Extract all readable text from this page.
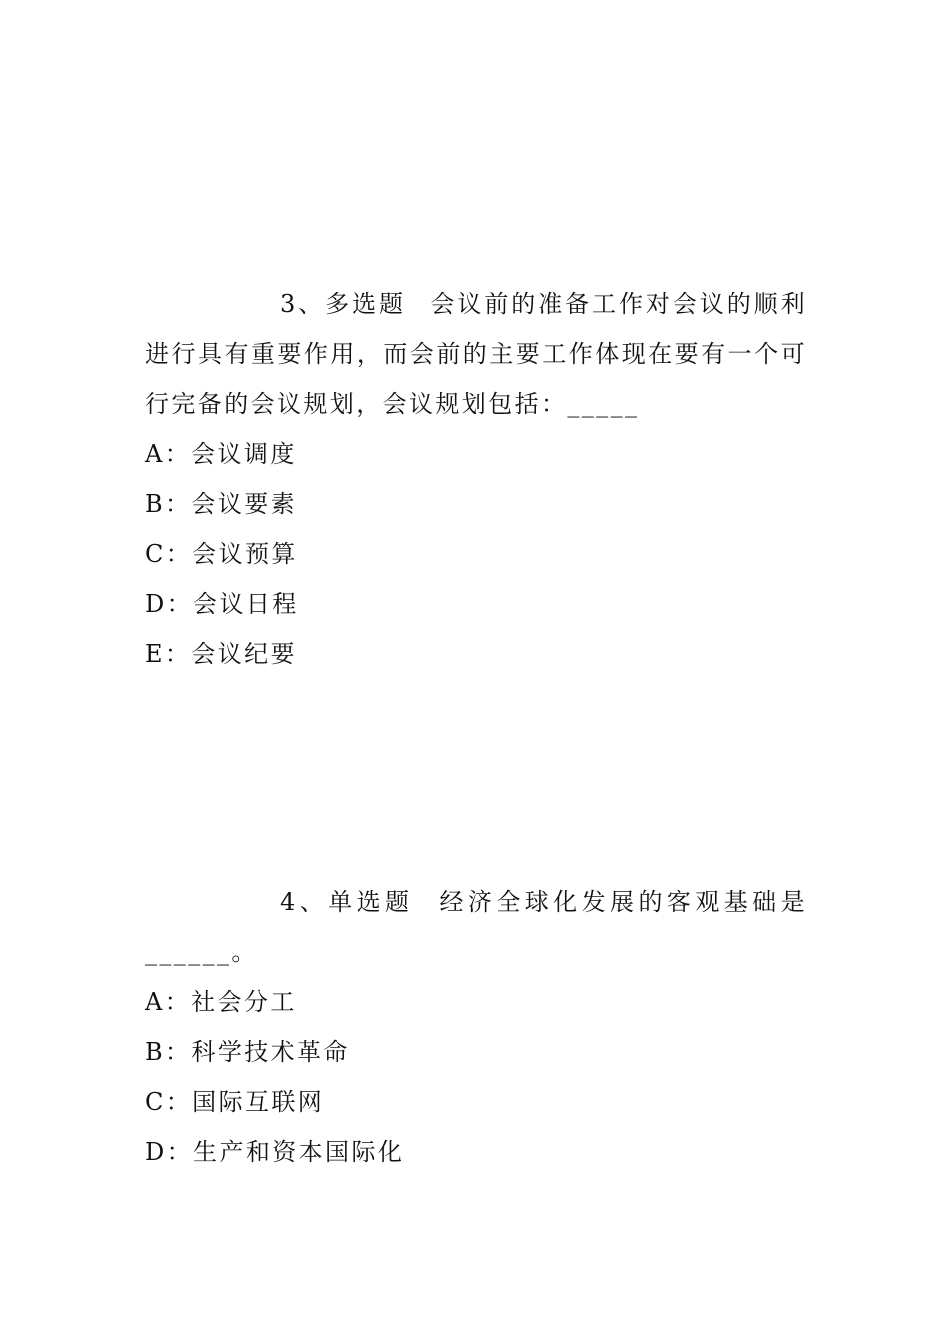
3、多选题 会议前的准备工作对会议的顺利进行具有重要作用，而会前的主要工作体现在要有一个可行完备的会议规划，会议规划包括：_____

A：会议调度
B：会议要素
C：会议预算
D：会议日程
E：会议纪要

4、单选题 经济全球化发展的客观基础是______。

A：社会分工
B：科学技术革命
C：国际互联网
D：生产和资本国际化
